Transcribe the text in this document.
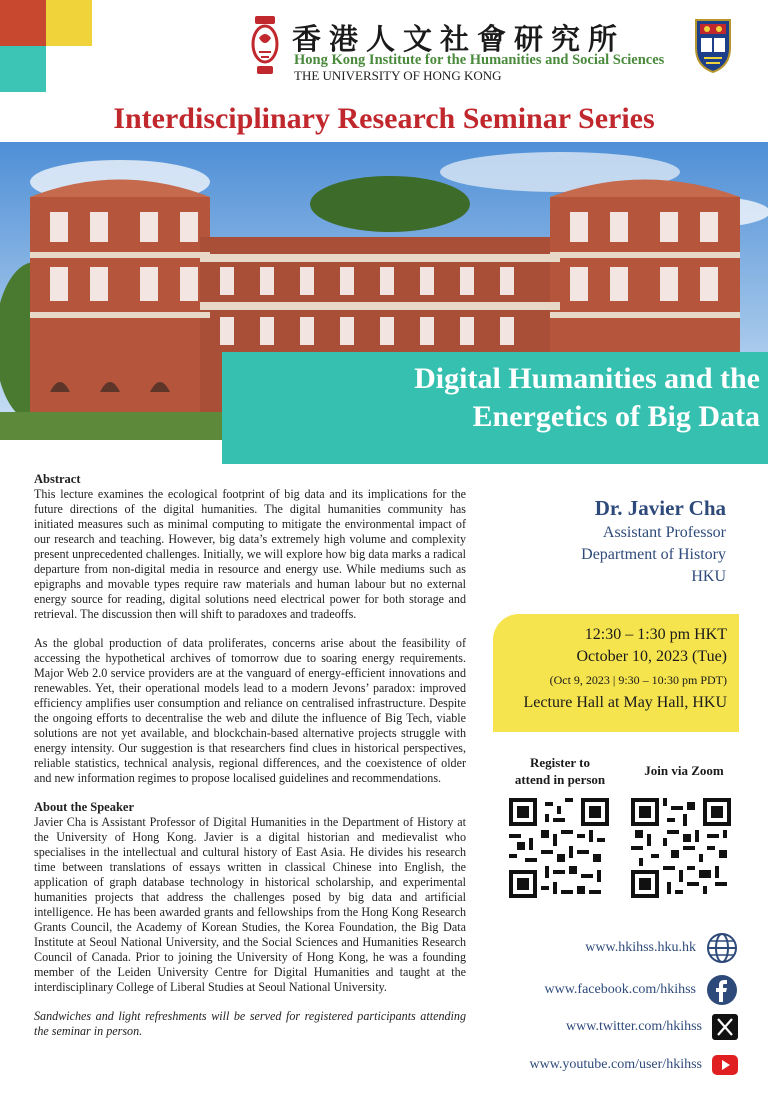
香港人文社會研究所
Hong Kong Institute for the Humanities and Social Sciences
THE UNIVERSITY OF HONG KONG
Interdisciplinary Research Seminar Series
Digital Humanities and the
Energetics of Big Data
Abstract

This lecture examines the ecological footprint of big data and its implications for the future directions of the digital humanities. The digital humanities community has initiated measures such as minimal computing to mitigate the environmental impact of our research and teaching. However, big data’s extremely high volume and complexity present unprecedented challenges. Initially, we will explore how big data marks a radical departure from non-digital media in resource and energy use. While mediums such as epigraphs and movable types require raw materials and human labour but no external energy source for reading, digital solutions need electrical power for both storage and retrieval. The discussion then will shift to paradoxes and tradeoffs.

As the global production of data proliferates, concerns arise about the feasibility of accessing the hypothetical archives of tomorrow due to soaring energy requirements. Major Web 2.0 service providers are at the vanguard of energy-efficient innovations and renewables. Yet, their operational models lead to a modern Jevons’ paradox: improved efficiency amplifies user consumption and reliance on centralised infrastructure. Despite the ongoing efforts to decentralise the web and dilute the influence of Big Tech, viable solutions are not yet available, and blockchain-based alternative projects struggle with energy intensity. Our suggestion is that researchers find clues in historical perspectives, reliable statistics, technical analysis, regional differences, and the coexistence of older and new information regimes to propose localised guidelines and recommendations.

About the Speaker

Javier Cha is Assistant Professor of Digital Humanities in the Department of History at the University of Hong Kong. Javier is a digital historian and medievalist who specialises in the intellectual and cultural history of East Asia. He divides his research time between translations of essays written in classical Chinese into English, the application of graph database technology in historical scholarship, and experimental humanities projects that address the challenges posed by big data and artificial intelligence. He has been awarded grants and fellowships from the Hong Kong Research Grants Council, the Academy of Korean Studies, the Korea Foundation, the Big Data Institute at Seoul National University, and the Social Sciences and Humanities Research Council of Canada. Prior to joining the University of Hong Kong, he was a founding member of the Leiden University Centre for Digital Humanities and taught at the interdisciplinary College of Liberal Studies at Seoul National University.

Sandwiches and light refreshments will be served for registered participants attending the seminar in person.

Dr. Javier Cha
Assistant Professor
Department of History
HKU
12:30 – 1:30 pm HKT
October 10, 2023 (Tue)
(Oct 9, 2023 | 9:30 – 10:30 pm PDT)
Lecture Hall at May Hall, HKU
Register to
attend in person
Join via Zoom
www.hkihss.hku.hk
www.facebook.com/hkihss
www.twitter.com/hkihss
www.youtube.com/user/hkihss
